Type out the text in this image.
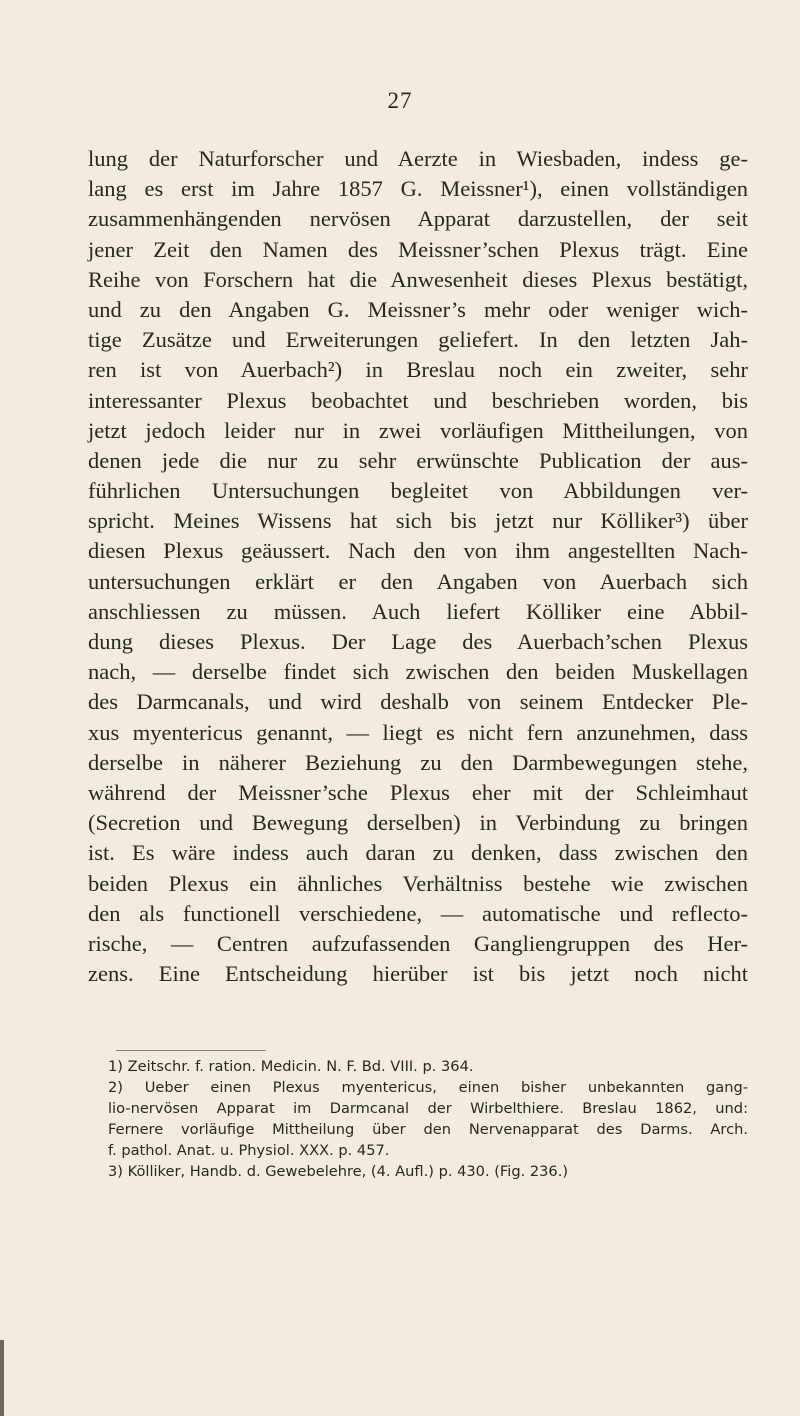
27
lung der Naturforscher und Aerzte in Wiesbaden, indess ge-
lang es erst im Jahre 1857 G. Meissner¹), einen vollständigen
zusammenhängenden nervösen Apparat darzustellen, der seit
jener Zeit den Namen des Meissner’schen Plexus trägt. Eine
Reihe von Forschern hat die Anwesenheit dieses Plexus bestätigt,
und zu den Angaben G. Meissner’s mehr oder weniger wich-
tige Zusätze und Erweiterungen geliefert. In den letzten Jah-
ren ist von Auerbach²) in Breslau noch ein zweiter, sehr
interessanter Plexus beobachtet und beschrieben worden, bis
jetzt jedoch leider nur in zwei vorläufigen Mittheilungen, von
denen jede die nur zu sehr erwünschte Publication der aus-
führlichen Untersuchungen begleitet von Abbildungen ver-
spricht. Meines Wissens hat sich bis jetzt nur Kölliker³) über
diesen Plexus geäussert. Nach den von ihm angestellten Nach-
untersuchungen erklärt er den Angaben von Auerbach sich
anschliessen zu müssen. Auch liefert Kölliker eine Abbil-
dung dieses Plexus. Der Lage des Auerbach’schen Plexus
nach, — derselbe findet sich zwischen den beiden Muskellagen
des Darmcanals, und wird deshalb von seinem Entdecker Ple-
xus myentericus genannt, — liegt es nicht fern anzunehmen, dass
derselbe in näherer Beziehung zu den Darmbewegungen stehe,
während der Meissner’sche Plexus eher mit der Schleimhaut
(Secretion und Bewegung derselben) in Verbindung zu bringen
ist. Es wäre indess auch daran zu denken, dass zwischen den
beiden Plexus ein ähnliches Verhältniss bestehe wie zwischen
den als functionell verschiedene, — automatische und reflecto-
rische, — Centren aufzufassenden Gangliengruppen des Her-
zens. Eine Entscheidung hierüber ist bis jetzt noch nicht
1) Zeitschr. f. ration. Medicin. N. F. Bd. VIII. p. 364.
2) Ueber einen Plexus myentericus, einen bisher unbekannten gang-
lio-nervösen Apparat im Darmcanal der Wirbelthiere. Breslau 1862, und:
Fernere vorläufige Mittheilung über den Nervenapparat des Darms. Arch.
f. pathol. Anat. u. Physiol. XXX. p. 457.
3) Kölliker, Handb. d. Gewebelehre, (4. Aufl.) p. 430. (Fig. 236.)
